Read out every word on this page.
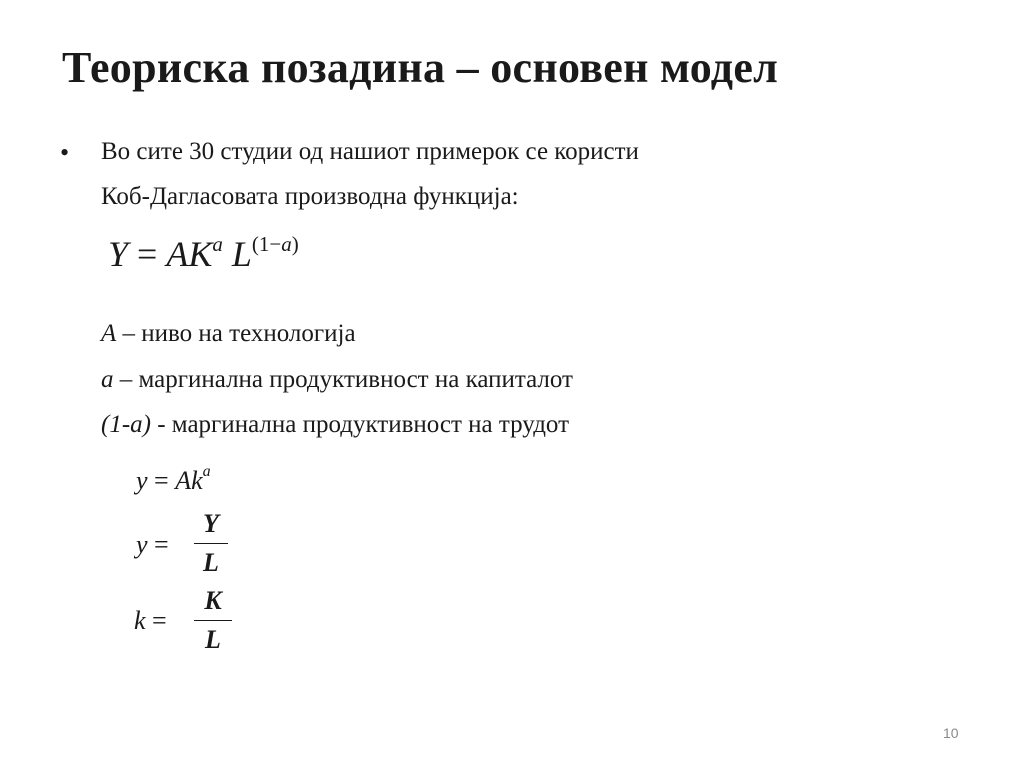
Теориска позадина – основен модел
• Во сите 30 студии од нашиот примерок се користи
Коб-Дагласовата производна функција:
$Y = AK^a$ $L^{(1-a)}$
A – ниво на технологија
a – маргинална продуктивност на капиталот
(1-а) - маргинална продуктивност на трудот
$y = Ak^a$
y =
Y
L
k =
K
L
10
